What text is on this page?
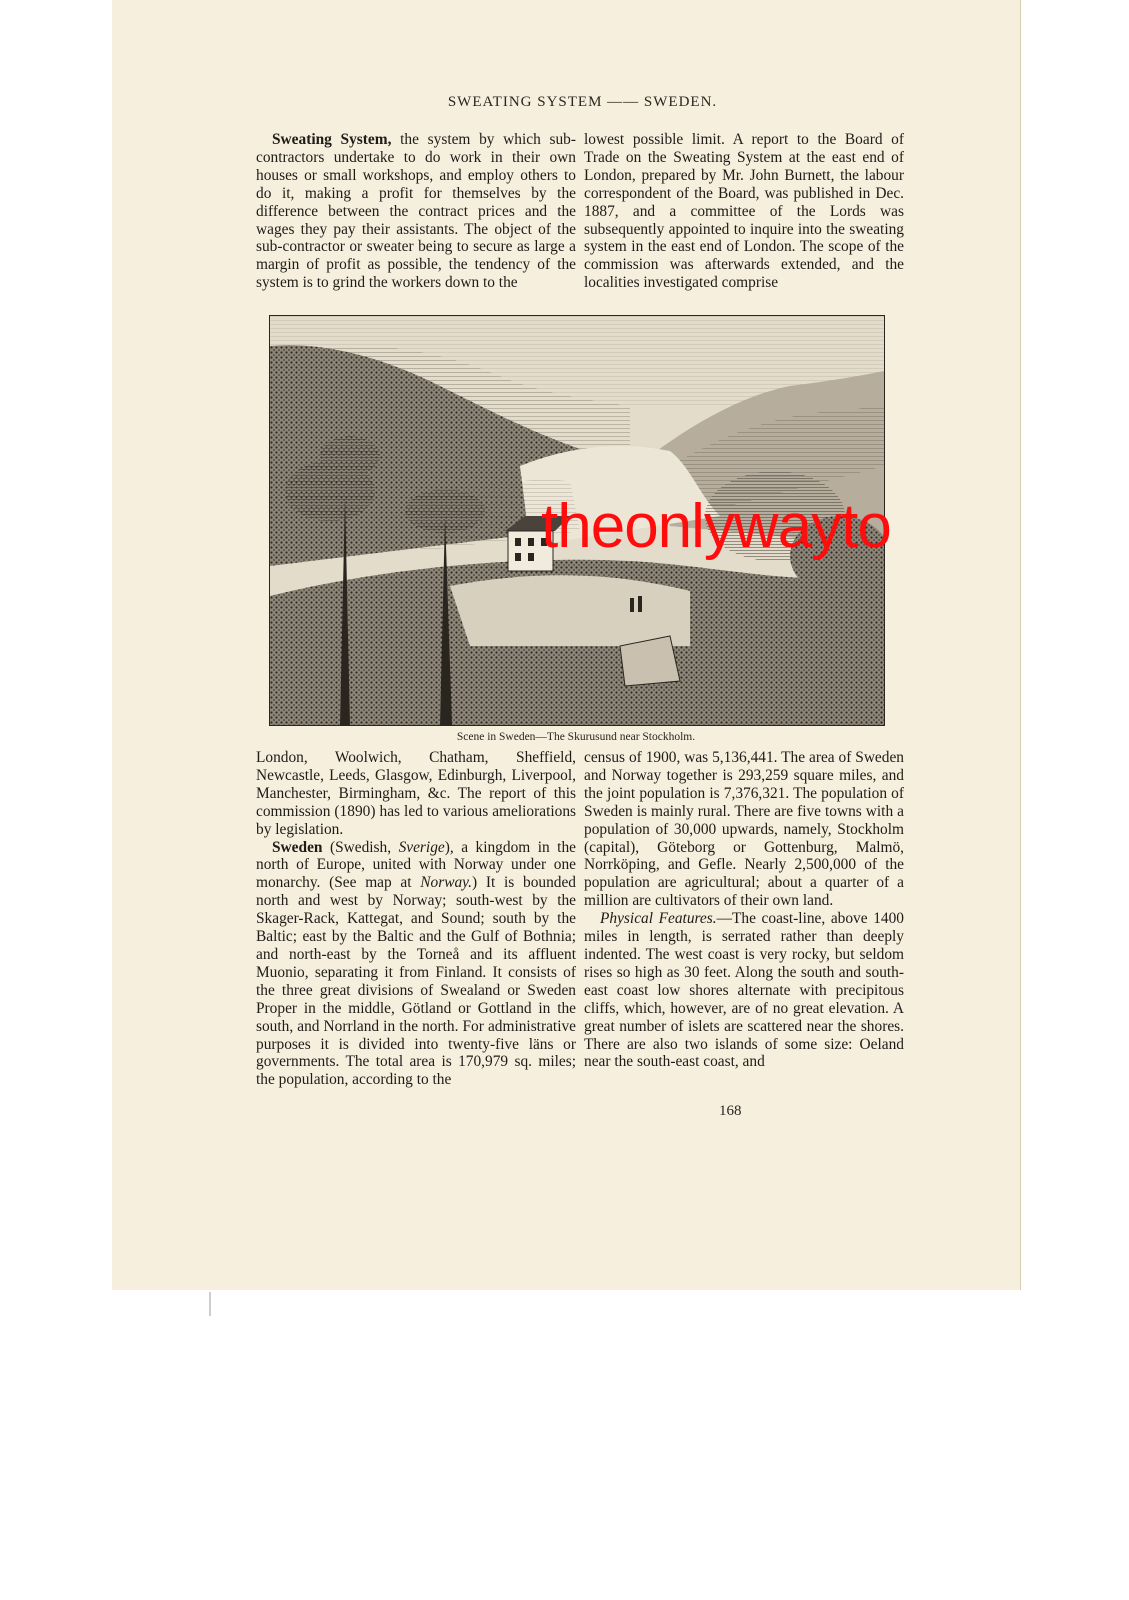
SWEATING SYSTEM —— SWEDEN.

Sweating System, the system by which sub-contractors undertake to do work in their own houses or small workshops, and employ others to do it, making a profit for themselves by the difference between the contract prices and the wages they pay their assistants. The object of the sub-contractor or sweater being to secure as large a margin of profit as possible, the tendency of the system is to grind the workers down to the

lowest possible limit. A report to the Board of Trade on the Sweating System at the east end of London, prepared by Mr. John Burnett, the labour correspondent of the Board, was published in Dec. 1887, and a committee of the Lords was subsequently appointed to inquire into the sweating system in the east end of London. The scope of the commission was afterwards extended, and the localities investigated comprise

Scene in Sweden—The Skurusund near Stockholm.

London, Woolwich, Chatham, Sheffield, Newcastle, Leeds, Glasgow, Edinburgh, Liverpool, Manchester, Birmingham, &c. The report of this commission (1890) has led to various ameliorations by legislation.

Sweden (Swedish, Sverige), a kingdom in the north of Europe, united with Norway under one monarchy. (See map at Norway.) It is bounded north and west by Norway; south-west by the Skager-Rack, Kattegat, and Sound; south by the Baltic; east by the Baltic and the Gulf of Bothnia; and north-east by the Torneå and its affluent Muonio, separating it from Finland. It consists of the three great divisions of Swealand or Sweden Proper in the middle, Götland or Gottland in the south, and Norrland in the north. For administrative purposes it is divided into twenty-five läns or governments. The total area is 170,979 sq. miles; the population, according to the

census of 1900, was 5,136,441. The area of Sweden and Norway together is 293,259 square miles, and the joint population is 7,376,321. The population of Sweden is mainly rural. There are five towns with a population of 30,000 upwards, namely, Stockholm (capital), Göteborg or Gottenburg, Malmö, Norrköping, and Gefle. Nearly 2,500,000 of the population are agricultural; about a quarter of a million are cultivators of their own land.

Physical Features.—The coast-line, above 1400 miles in length, is serrated rather than deeply indented. The west coast is very rocky, but seldom rises so high as 30 feet. Along the south and south-east coast low shores alternate with precipitous cliffs, which, however, are of no great elevation. A great number of islets are scattered near the shores. There are also two islands of some size: Oeland near the south-east coast, and

168
theonlywayto
